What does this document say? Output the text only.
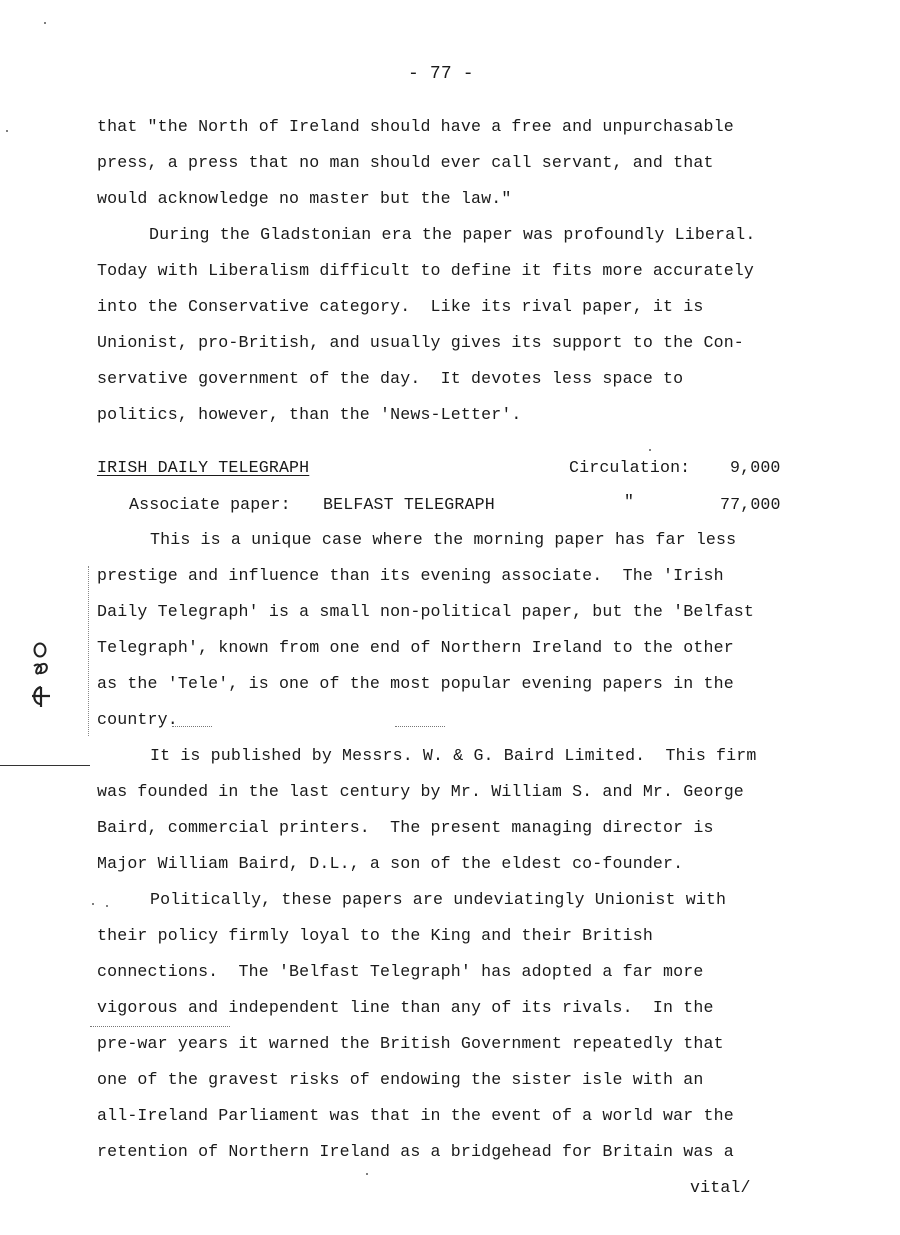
- 77 -
that "the North of Ireland should have a free and unpurchasable
press, a press that no man should ever call servant, and that
would acknowledge no master but the law."
During the Gladstonian era the paper was profoundly Liberal.
Today with Liberalism difficult to define it fits more accurately
into the Conservative category.  Like its rival paper, it is
Unionist, pro-British, and usually gives its support to the Con-
servative government of the day.  It devotes less space to
politics, however, than the 'News-Letter'.
IRISH DAILY TELEGRAPH	Circulation: 9,000
Associate paper: BELFAST TELEGRAPH	"	77,000
This is a unique case where the morning paper has far less
prestige and influence than its evening associate.  The 'Irish
Daily Telegraph' is a small non-political paper, but the 'Belfast
Telegraph', known from one end of Northern Ireland to the other
as the 'Tele', is one of the most popular evening papers in the
country.
It is published by Messrs. W. & G. Baird Limited.  This firm
was founded in the last century by Mr. William S. and Mr. George
Baird, commercial printers.  The present managing director is
Major William Baird, D.L., a son of the eldest co-founder.
Politically, these papers are undeviatingly Unionist with
their policy firmly loyal to the King and their British
connections.  The 'Belfast Telegraph' has adopted a far more
vigorous and independent line than any of its rivals.  In the
pre-war years it warned the British Government repeatedly that
one of the gravest risks of endowing the sister isle with an
all-Ireland Parliament was that in the event of a world war the
retention of Northern Ireland as a bridgehead for Britain was a
vital/
